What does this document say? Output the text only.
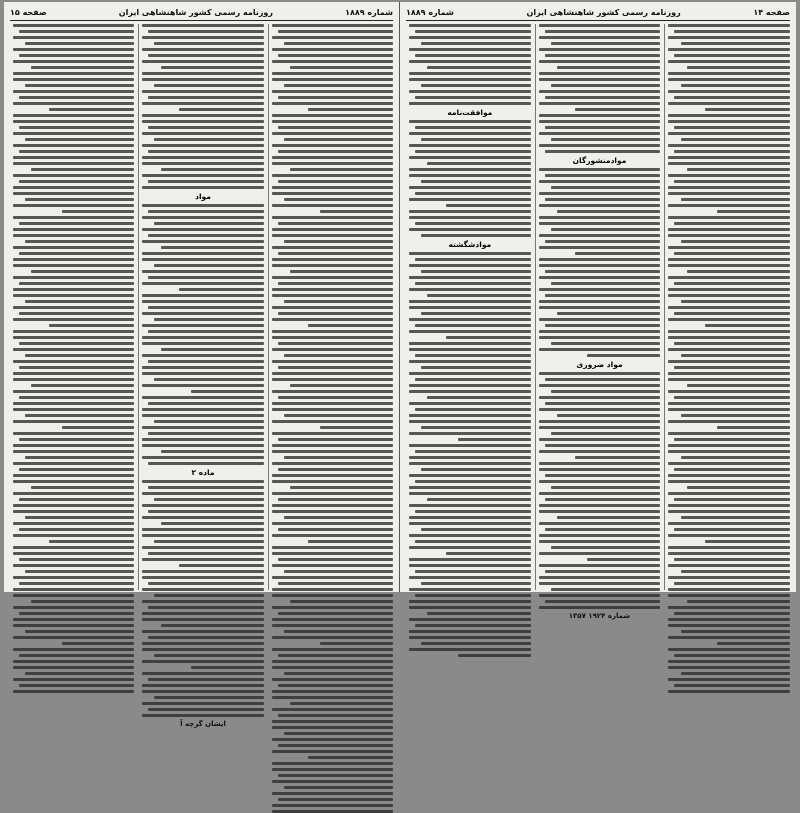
شماره ۱۸۸۹
روزنامه رسمی کشور شاهنشاهی ایران
صفحه ۱۵
مواد
ماده ۲
ایشان گرچه آ
صفحه ۱۴
روزنامه رسمی کشور شاهنشاهی ایران
شماره ۱۸۸۹
موادمنشورگان
مواد ضروری
شماره ۱۹۲۴ ۱۳۵۷
موافقت‌نامه
موادشگشته
